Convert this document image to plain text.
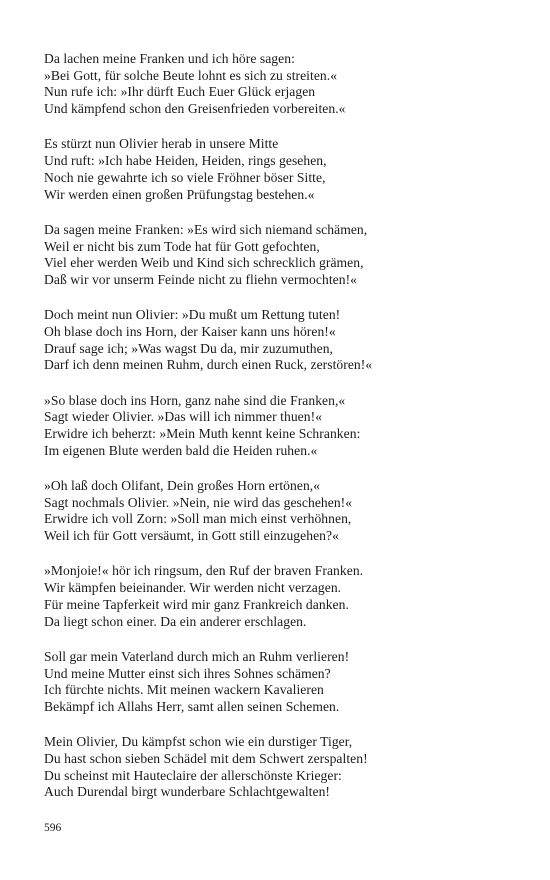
Da lachen meine Franken und ich höre sagen:
»Bei Gott, für solche Beute lohnt es sich zu streiten.«
Nun rufe ich: »Ihr dürft Euch Euer Glück erjagen
Und kämpfend schon den Greisenfrieden vorbereiten.«
Es stürzt nun Olivier herab in unsere Mitte
Und ruft: »Ich habe Heiden, Heiden, rings gesehen,
Noch nie gewahrte ich so viele Fröhner böser Sitte,
Wir werden einen großen Prüfungstag bestehen.«
Da sagen meine Franken: »Es wird sich niemand schämen,
Weil er nicht bis zum Tode hat für Gott gefochten,
Viel eher werden Weib und Kind sich schrecklich grämen,
Daß wir vor unserm Feinde nicht zu fliehn vermochten!«
Doch meint nun Olivier: »Du mußt um Rettung tuten!
Oh blase doch ins Horn, der Kaiser kann uns hören!«
Drauf sage ich; »Was wagst Du da, mir zuzumuthen,
Darf ich denn meinen Ruhm, durch einen Ruck, zerstören!«
»So blase doch ins Horn, ganz nahe sind die Franken,«
Sagt wieder Olivier. »Das will ich nimmer thuen!«
Erwidre ich beherzt: »Mein Muth kennt keine Schranken:
Im eigenen Blute werden bald die Heiden ruhen.«
»Oh laß doch Olifant, Dein großes Horn ertönen,«
Sagt nochmals Olivier. »Nein, nie wird das geschehen!«
Erwidre ich voll Zorn: »Soll man mich einst verhöhnen,
Weil ich für Gott versäumt, in Gott still einzugehen?«
»Monjoie!« hör ich ringsum, den Ruf der braven Franken.
Wir kämpfen beieinander. Wir werden nicht verzagen.
Für meine Tapferkeit wird mir ganz Frankreich danken.
Da liegt schon einer. Da ein anderer erschlagen.
Soll gar mein Vaterland durch mich an Ruhm verlieren!
Und meine Mutter einst sich ihres Sohnes schämen?
Ich fürchte nichts. Mit meinen wackern Kavalieren
Bekämpf ich Allahs Herr, samt allen seinen Schemen.
Mein Olivier, Du kämpfst schon wie ein durstiger Tiger,
Du hast schon sieben Schädel mit dem Schwert zerspalten!
Du scheinst mit Hauteclaire der allerschönste Krieger:
Auch Durendal birgt wunderbare Schlachtgewalten!
596
